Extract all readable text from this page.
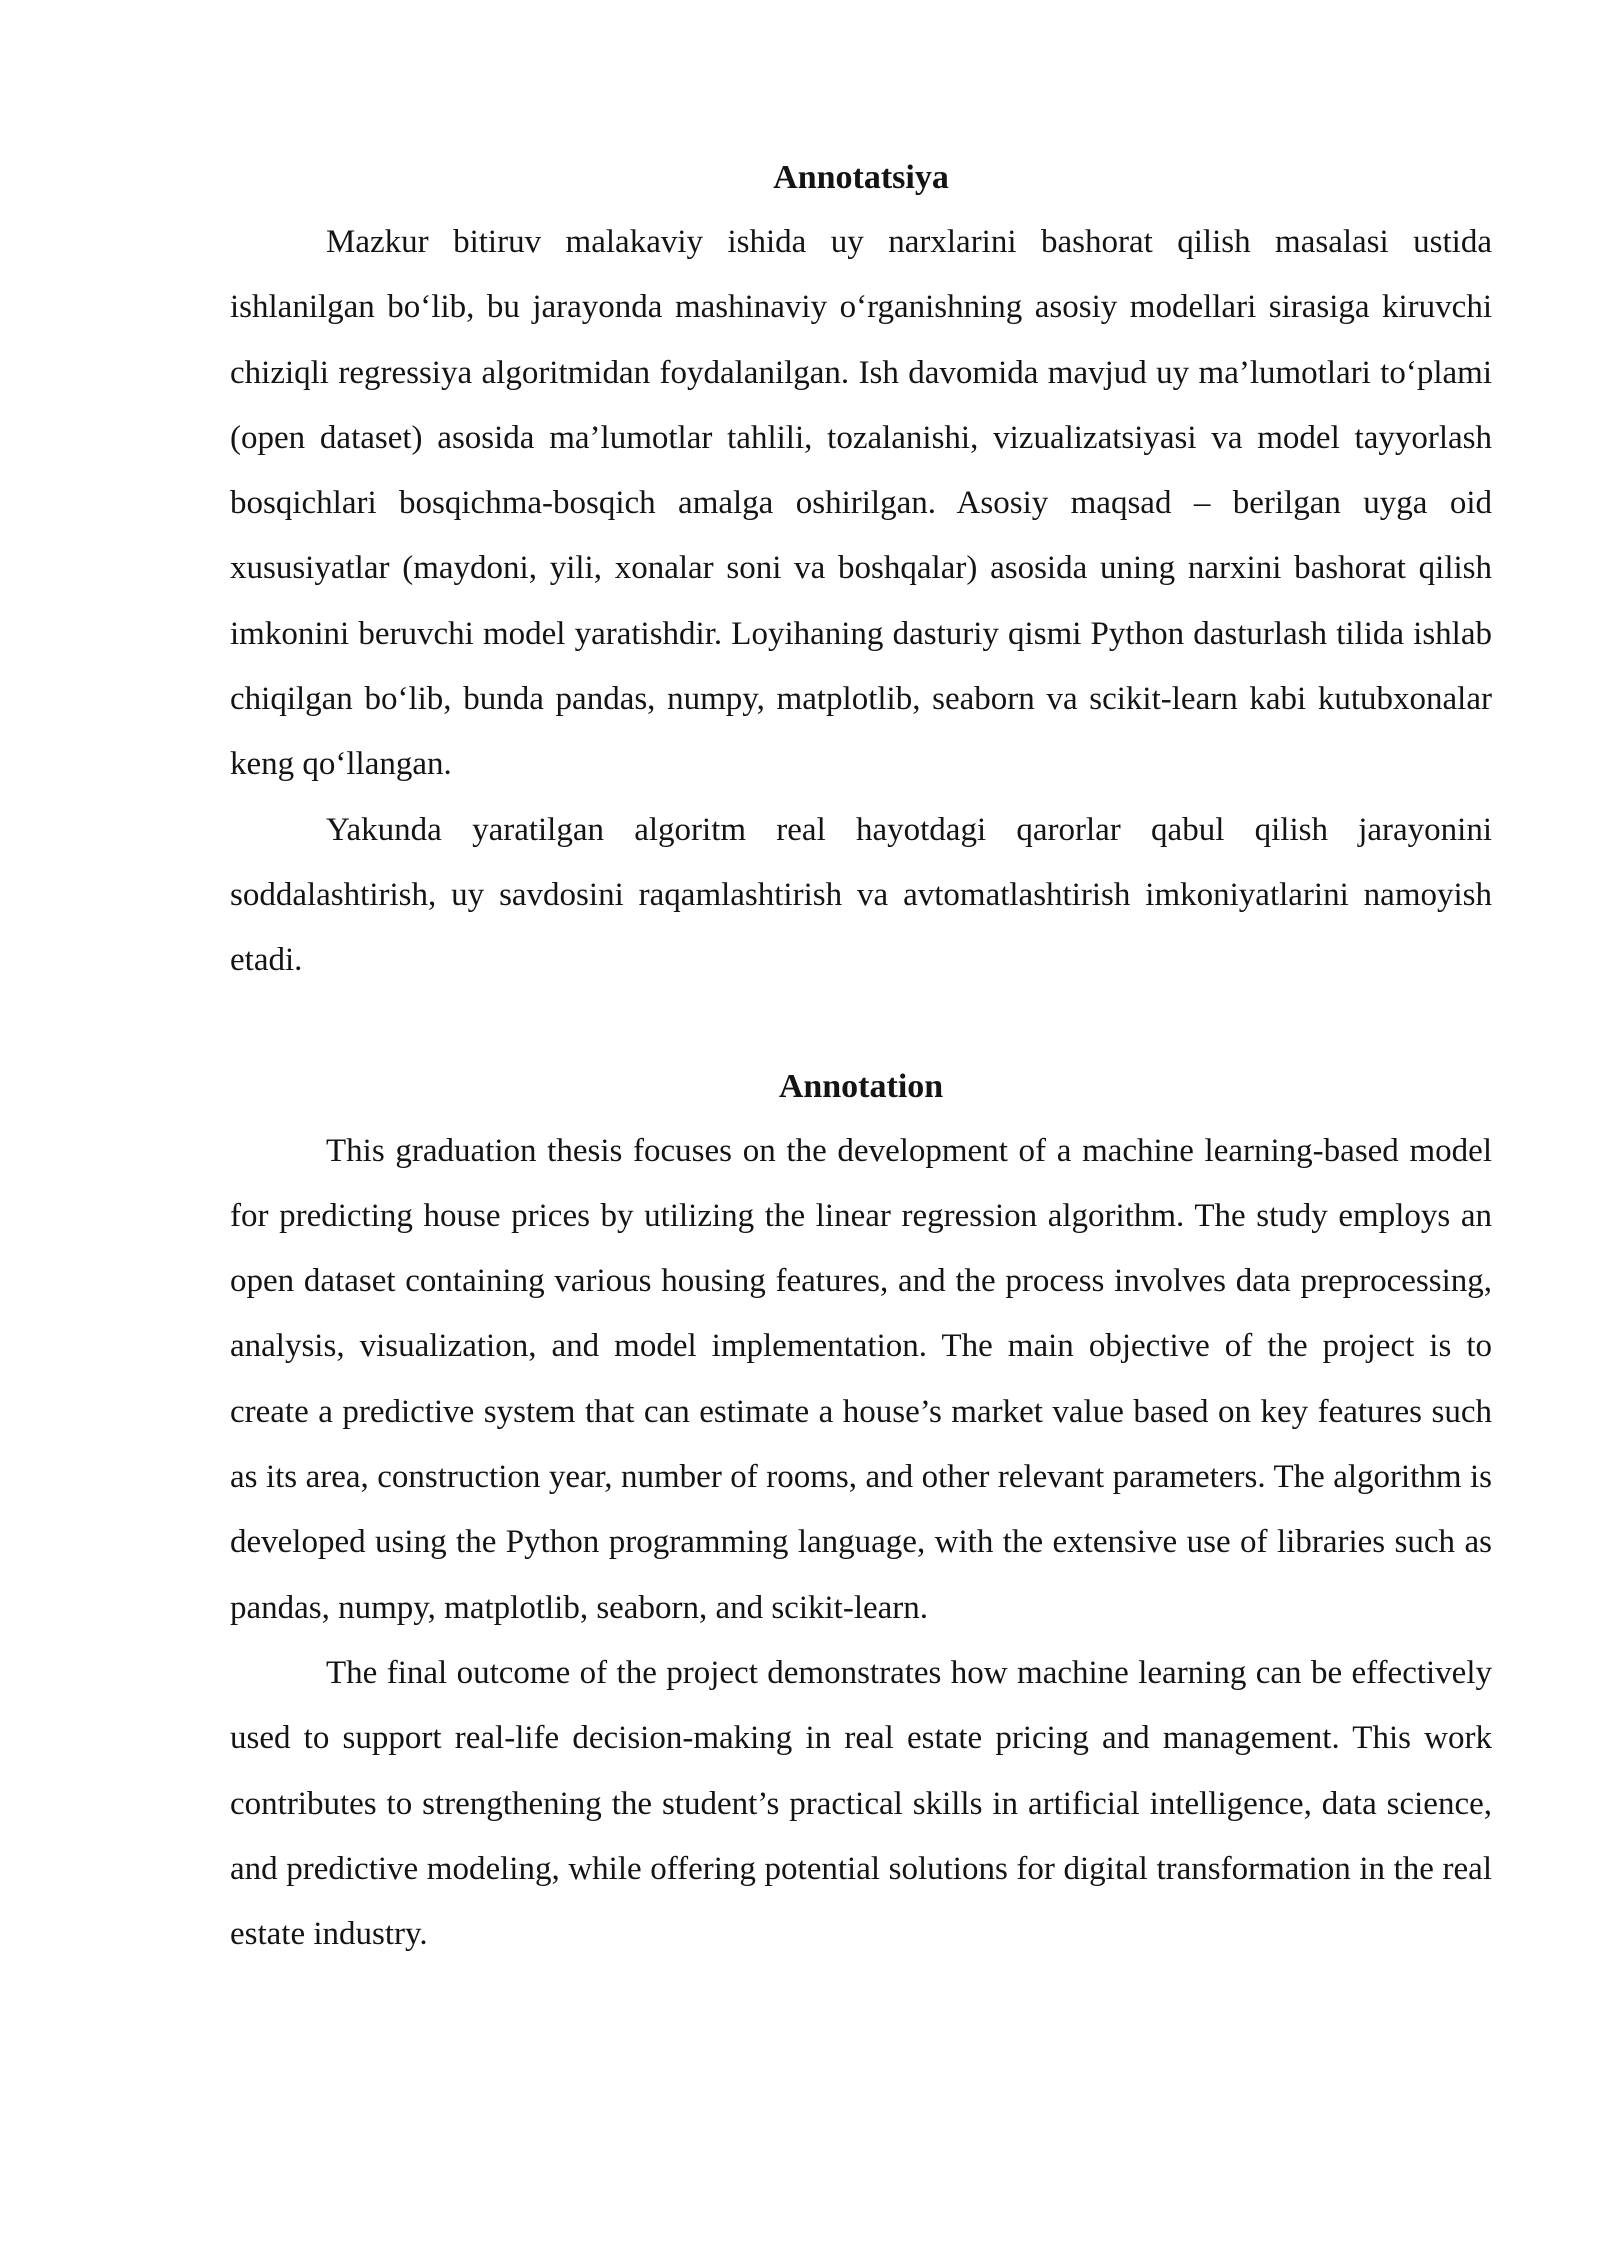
Annotatsiya

Mazkur bitiruv malakaviy ishida uy narxlarini bashorat qilish masalasi ustida ishlanilgan bo‘lib, bu jarayonda mashinaviy o‘rganishning asosiy modellari sirasiga kiruvchi chiziqli regressiya algoritmidan foydalanilgan. Ish davomida mavjud uy ma’lumotlari to‘plami (open dataset) asosida ma’lumotlar tahlili, tozalanishi, vizualizatsiyasi va model tayyorlash bosqichlari bosqichma-bosqich amalga oshirilgan. Asosiy maqsad – berilgan uyga oid xususiyatlar (maydoni, yili, xonalar soni va boshqalar) asosida uning narxini bashorat qilish imkonini beruvchi model yaratishdir. Loyihaning dasturiy qismi Python dasturlash tilida ishlab chiqilgan bo‘lib, bunda pandas, numpy, matplotlib, seaborn va scikit-learn kabi kutubxonalar keng qo‘llangan.

Yakunda yaratilgan algoritm real hayotdagi qarorlar qabul qilish jarayonini soddalashtirish, uy savdosini raqamlashtirish va avtomatlashtirish imkoniyatlarini namoyish etadi.

Annotation

This graduation thesis focuses on the development of a machine learning-based model for predicting house prices by utilizing the linear regression algorithm. The study employs an open dataset containing various housing features, and the process involves data preprocessing, analysis, visualization, and model implementation. The main objective of the project is to create a predictive system that can estimate a house’s market value based on key features such as its area, construction year, number of rooms, and other relevant parameters. The algorithm is developed using the Python programming language, with the extensive use of libraries such as pandas, numpy, matplotlib, seaborn, and scikit-learn.

The final outcome of the project demonstrates how machine learning can be effectively used to support real-life decision-making in real estate pricing and management. This work contributes to strengthening the student’s practical skills in artificial intelligence, data science, and predictive modeling, while offering potential solutions for digital transformation in the real estate industry.
